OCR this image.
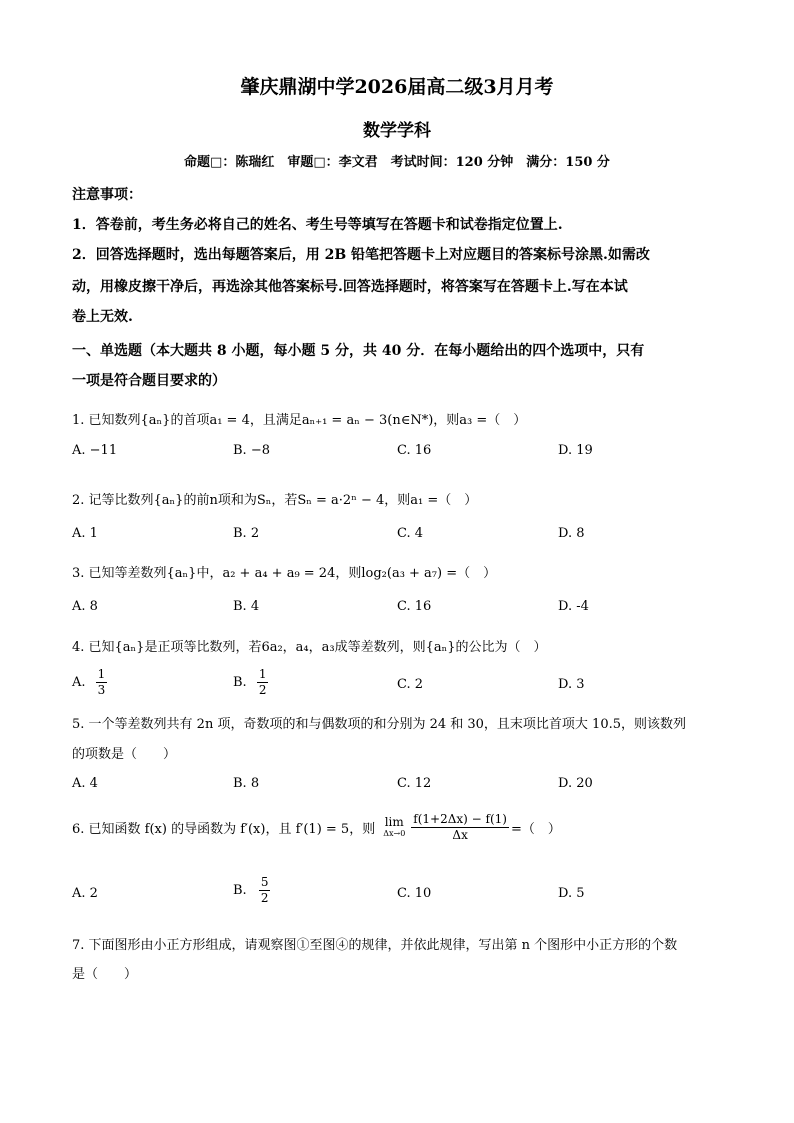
肇庆鼎湖中学2026届高二级3月月考
数学学科
命题□：陈瑞红　审题□：李文君　考试时间：120 分钟　满分：150 分
注意事项：
1．答卷前，考生务必将自己的姓名、考生号等填写在答题卡和试卷指定位置上.
2．回答选择题时，选出每题答案后，用 2B 铅笔把答题卡上对应题目的答案标号涂黑.如需改
动，用橡皮擦干净后，再选涂其他答案标号.回答选择题时，将答案写在答题卡上.写在本试
卷上无效.
一、单选题（本大题共 8 小题，每小题 5 分，共 40 分．在每小题给出的四个选项中，只有
一项是符合题目要求的）
1. 已知数列{aₙ}的首项a₁ = 4，且满足aₙ₊₁ = aₙ − 3(n∈N*)，则a₃ =（　）
A. −11	B. −8	C. 16	D. 19
2. 记等比数列{aₙ}的前n项和为Sₙ，若Sₙ = a·2ⁿ − 4，则a₁ =（　）
A. 1	B. 2	C. 4	D. 8
3. 已知等差数列{aₙ}中，a₂ + a₄ + a₉ = 24，则log₂(a₃ + a₇) =（　）
A. 8	B. 4	C. 16	D. -4
4. 已知{aₙ}是正项等比数列，若6a₂，a₄，a₃成等差数列，则{aₙ}的公比为（　）
A. $\frac{1}{3}$	B. $\frac{1}{2}$	C. 2	D. 3
5. 一个等差数列共有 2n 项，奇数项的和与偶数项的和分别为 24 和 30，且末项比首项大 10.5，则该数列
的项数是（　　）
A. 4	B. 8	C. 12	D. 20
6. 已知函数 f(x) 的导函数为 f′(x)，且 f′(1) = 5，则
lim
$\Delta x\to 0 \frac{f(1+2\Delta x) - f(1)}{\Delta x}$ =（　）
A. 2	B. $\frac{5}{2}$	C. 10	D. 5
7. 下面图形由小正方形组成，请观察图①至图④的规律，并依此规律，写出第 n 个图形中小正方形的个数
是（　　）
